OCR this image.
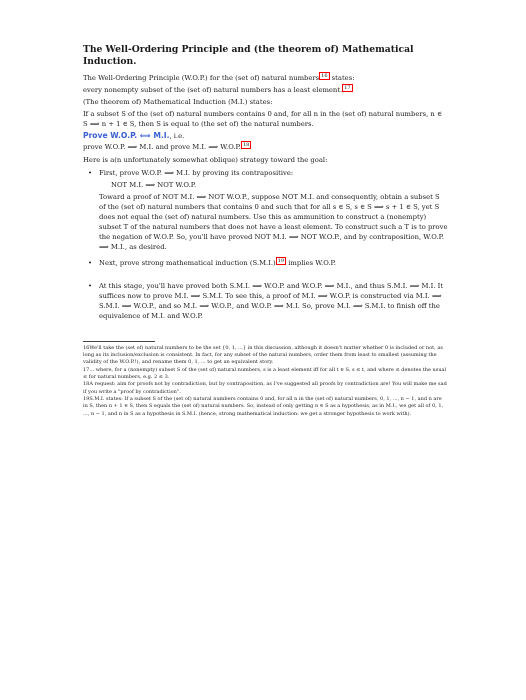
The Well-Ordering Principle and (the theorem of) Mathematical Induction.
The Well-Ordering Principle (W.O.P.) for the (set of) natural numbers $^{16}$ states:
every nonempty subset of the (set of) natural numbers has a least element. $^{17}$
(The theorem of) Mathematical Induction (M.I.) states:
If a subset S of the (set of) natural numbers contains 0 and, for all n in the (set of) natural numbers, n ∈ S ⟹ n + 1 ∈ S, then S is equal to (the set of) the natural numbers.
Prove W.O.P. ⟺ M.I., i.e.
prove W.O.P. ⟹ M.I. and prove M.I. ⟹ W.O.P. $^{18}$
Here is a(n unfortunately somewhat oblique) strategy toward the goal:
•	First, prove W.O.P. ⟹ M.I. by proving its contrapositive:
NOT M.I. ⟹ NOT W.O.P.
Toward a proof of NOT M.I. ⟹ NOT W.O.P., suppose NOT M.I. and consequently, obtain a subset S of the (set of) natural numbers that contains 0 and such that for all s ∈ S, s ∈ S ⟹ s + 1 ∈ S, yet S does not equal the (set of) natural numbers. Use this as ammunition to construct a (nonempty) subset T of the natural numbers that does not have a least element. To construct such a T is to prove the negation of W.O.P. So, you'll have proved NOT M.I. ⟹ NOT W.O.P., and by contraposition, W.O.P. ⟹ M.I., as desired.
•	Next, prove strong mathematical induction (S.M.I.) $^{19}$ implies W.O.P.
•	At this stage, you'll have proved both S.M.I. ⟹ W.O.P. and W.O.P. ⟹ M.I., and thus S.M.I. ⟹ M.I. It suffices now to prove M.I. ⟹ S.M.I. To see this, a proof of M.I. ⟹ W.O.P. is constructed via M.I. ⟹ S.M.I. ⟹ W.O.P., and so M.I. ⟹ W.O.P., and W.O.P. ⟹ M.I. So, prove M.I. ⟹ S.M.I. to finish off the equivalence of M.I. and W.O.P.
16We'll take the (set of) natural numbers to be the set {0, 1, ...} in this discussion, although it doesn't matter whether 0 is included or not, as long as its inclusion/exclusion is consistent. In fact, for any subset of the natural numbers, order them from least to smallest (assuming the validity of the W.O.P.!), and rename them 0, 1, ... to get an equivalent story.
17... where, for a (nonempty) subset S of the (set of) natural numbers, s is a least element iff for all t ∈ S, s ≤ t, and where ≤ denotes the usual ≤ for natural numbers, e.g. 2 ≤ 3.
18A request: aim for proofs not by contradiction, but by contraposition, as I've suggested all proofs by contradiction are! You will make me sad if you write a "proof by contradiction".
19S.M.I. states: If a subset S of the (set of) natural numbers contains 0 and, for all n in the (set of) natural numbers, 0, 1, ..., n − 1, and n are in S, then n + 1 ∈ S, then S equals the (set of) natural numbers. So, instead of only getting n ∈ S as a hypothesis, as in M.I., we get all of 0, 1, ..., n − 1, and n in S as a hypothesis in S.M.I. (hence, strong mathematical induction: we get a stronger hypothesis to work with).
